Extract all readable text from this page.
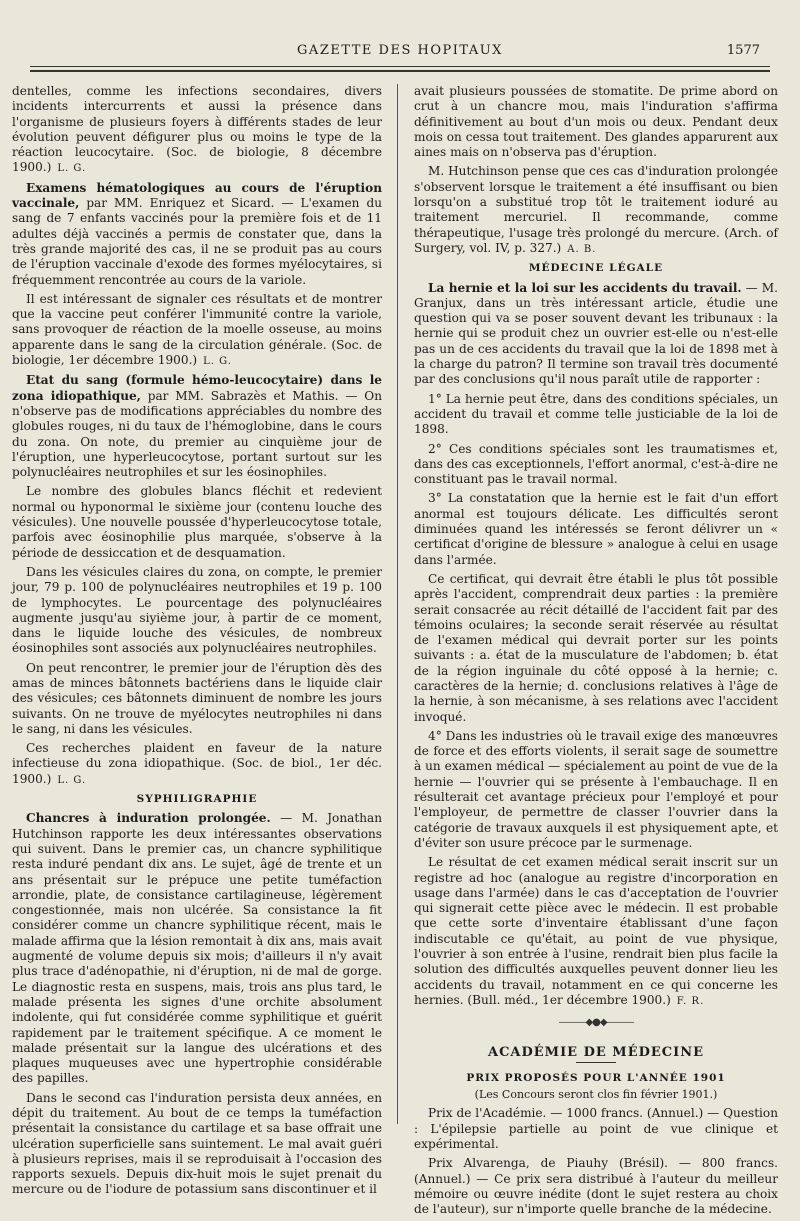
GAZETTE DES HOPITAUX	1577

dentelles, comme les infections secondaires, divers incidents intercurrents et aussi la présence dans l'organisme de plusieurs foyers à différents stades de leur évolution peuvent défigurer plus ou moins le type de la réaction leucocytaire. (Soc. de biologie, 8 décembre 1900.) L. G.

Examens hématologiques au cours de l'éruption vaccinale, par MM. Enriquez et Sicard. — L'examen du sang de 7 enfants vaccinés pour la première fois et de 11 adultes déjà vaccinés a permis de constater que, dans la très grande majorité des cas, il ne se produit pas au cours de l'éruption vaccinale d'exode des formes myélocytaires, si fréquemment rencontrée au cours de la variole.

Il est intéressant de signaler ces résultats et de montrer que la vaccine peut conférer l'immunité contre la variole, sans provoquer de réaction de la moelle osseuse, au moins apparente dans le sang de la circulation générale. (Soc. de biologie, 1er décembre 1900.) L. G.

Etat du sang (formule hémo-leucocytaire) dans le zona idiopathique, par MM. Sabrazès et Mathis. — On n'observe pas de modifications appréciables du nombre des globules rouges, ni du taux de l'hémoglobine, dans le cours du zona. On note, du premier au cinquième jour de l'éruption, une hyperleucocytose, portant surtout sur les polynucléaires neutrophiles et sur les éosinophiles.

Le nombre des globules blancs fléchit et redevient normal ou hyponormal le sixième jour (contenu louche des vésicules). Une nouvelle poussée d'hyperleucocytose totale, parfois avec éosinophilie plus marquée, s'observe à la période de dessiccation et de desquamation.

Dans les vésicules claires du zona, on compte, le premier jour, 79 p. 100 de polynucléaires neutrophiles et 19 p. 100 de lymphocytes. Le pourcentage des polynucléaires augmente jusqu'au siyième jour, à partir de ce moment, dans le liquide louche des vésicules, de nombreux éosinophiles sont associés aux polynucléaires neutrophiles.

On peut rencontrer, le premier jour de l'éruption dès des amas de minces bâtonnets bactériens dans le liquide clair des vésicules; ces bâtonnets diminuent de nombre les jours suivants. On ne trouve de myélocytes neutrophiles ni dans le sang, ni dans les vésicules.

Ces recherches plaident en faveur de la nature infectieuse du zona idiopathique. (Soc. de biol., 1er déc. 1900.) L. G.

SYPHILIGRAPHIE

Chancres à induration prolongée. — M. Jonathan Hutchinson rapporte les deux intéressantes observations qui suivent. Dans le premier cas, un chancre syphilitique resta induré pendant dix ans. Le sujet, âgé de trente et un ans présentait sur le prépuce une petite tuméfaction arrondie, plate, de consistance cartilagineuse, légèrement congestionnée, mais non ulcérée. Sa consistance la fit considérer comme un chancre syphilitique récent, mais le malade affirma que la lésion remontait à dix ans, mais avait augmenté de volume depuis six mois; d'ailleurs il n'y avait plus trace d'adénopathie, ni d'éruption, ni de mal de gorge. Le diagnostic resta en suspens, mais, trois ans plus tard, le malade présenta les signes d'une orchite absolument indolente, qui fut considérée comme syphilitique et guérit rapidement par le traitement spécifique. A ce moment le malade présentait sur la langue des ulcérations et des plaques muqueuses avec une hypertrophie considérable des papilles.

Dans le second cas l'induration persista deux années, en dépit du traitement. Au bout de ce temps la tuméfaction présentait la consistance du cartilage et sa base offrait une ulcération superficielle sans suintement. Le mal avait guéri à plusieurs reprises, mais il se reproduisait à l'occasion des rapports sexuels. Depuis dix-huit mois le sujet prenait du mercure ou de l'iodure de potassium sans discontinuer et il

avait plusieurs poussées de stomatite. De prime abord on crut à un chancre mou, mais l'induration s'affirma définitivement au bout d'un mois ou deux. Pendant deux mois on cessa tout traitement. Des glandes apparurent aux aines mais on n'observa pas d'éruption.

M. Hutchinson pense que ces cas d'induration prolongée s'observent lorsque le traitement a été insuffisant ou bien lorsqu'on a substitué trop tôt le traitement ioduré au traitement mercuriel. Il recommande, comme thérapeutique, l'usage très prolongé du mercure. (Arch. of Surgery, vol. IV, p. 327.) A. B.

MÉDECINE LÉGALE

La hernie et la loi sur les accidents du travail. — M. Granjux, dans un très intéressant article, étudie une question qui va se poser souvent devant les tribunaux : la hernie qui se produit chez un ouvrier est-elle ou n'est-elle pas un de ces accidents du travail que la loi de 1898 met à la charge du patron? Il termine son travail très documenté par des conclusions qu'il nous paraît utile de rapporter :

1° La hernie peut être, dans des conditions spéciales, un accident du travail et comme telle justiciable de la loi de 1898.

2° Ces conditions spéciales sont les traumatismes et, dans des cas exceptionnels, l'effort anormal, c'est-à-dire ne constituant pas le travail normal.

3° La constatation que la hernie est le fait d'un effort anormal est toujours délicate. Les difficultés seront diminuées quand les intéressés se feront délivrer un « certificat d'origine de blessure » analogue à celui en usage dans l'armée.

Ce certificat, qui devrait être établi le plus tôt possible après l'accident, comprendrait deux parties : la première serait consacrée au récit détaillé de l'accident fait par des témoins oculaires; la seconde serait réservée au résultat de l'examen médical qui devrait porter sur les points suivants : a. état de la musculature de l'abdomen; b. état de la région inguinale du côté opposé à la hernie; c. caractères de la hernie; d. conclusions relatives à l'âge de la hernie, à son mécanisme, à ses relations avec l'accident invoqué.

4° Dans les industries où le travail exige des manœuvres de force et des efforts violents, il serait sage de soumettre à un examen médical — spécialement au point de vue de la hernie — l'ouvrier qui se présente à l'embauchage. Il en résulterait cet avantage précieux pour l'employé et pour l'employeur, de permettre de classer l'ouvrier dans la catégorie de travaux auxquels il est physiquement apte, et d'éviter son usure précoce par le surmenage.

Le résultat de cet examen médical serait inscrit sur un registre ad hoc (analogue au registre d'incorporation en usage dans l'armée) dans le cas d'acceptation de l'ouvrier qui signerait cette pièce avec le médecin. Il est probable que cette sorte d'inventaire établissant d'une façon indiscutable ce qu'était, au point de vue physique, l'ouvrier à son entrée à l'usine, rendrait bien plus facile la solution des difficultés auxquelles peuvent donner lieu les accidents du travail, notamment en ce qui concerne les hernies. (Bull. méd., 1er décembre 1900.) F. R.

———◆●◆———
ACADÉMIE DE MÉDECINE
PRIX PROPOSÉS POUR L'ANNÉE 1901
(Les Concours seront clos fin février 1901.)

Prix de l'Académie. — 1000 francs. (Annuel.) — Question : L'épilepsie partielle au point de vue clinique et expérimental.

Prix Alvarenga, de Piauhy (Brésil). — 800 francs. (Annuel.) — Ce prix sera distribué à l'auteur du meilleur mémoire ou œuvre inédite (dont le sujet restera au choix de l'auteur), sur n'importe quelle branche de la médecine.
